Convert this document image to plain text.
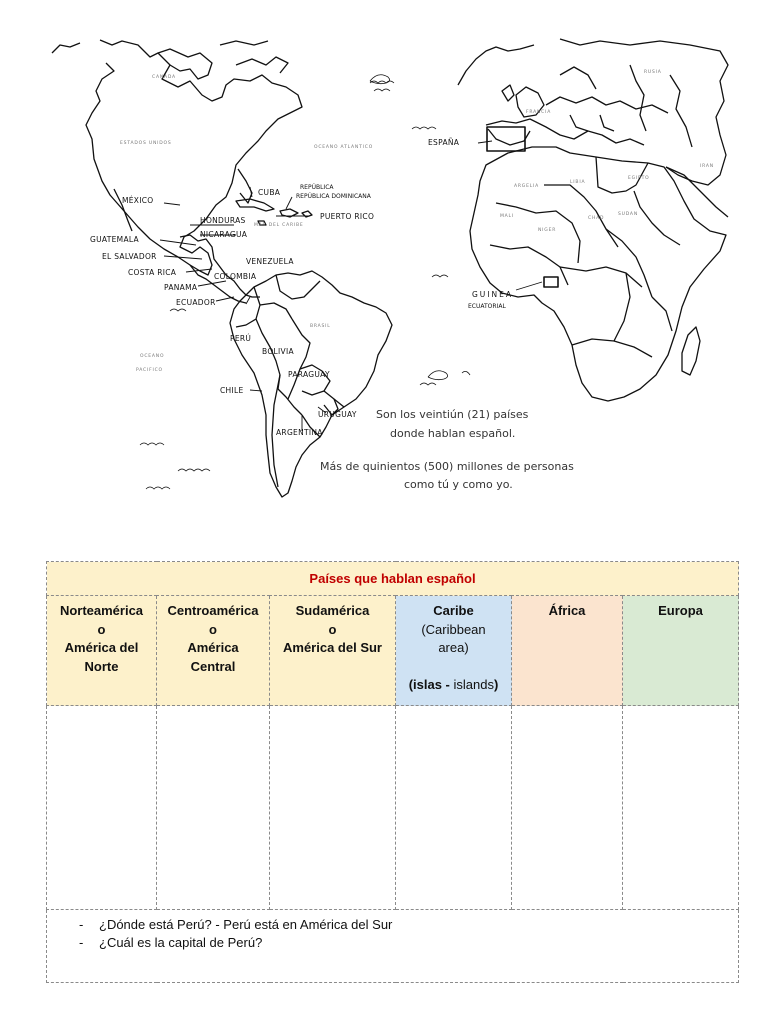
CANADA
ESTADOS UNIDOS
OCEANO ATLANTICO
OCEANO
PACIFICO
MAR DEL CARIBE
BRASIL
MÉXICO
CUBA
REPÚBLICA
REPÚBLICA DOMINICANA
PUERTO RICO
HONDURAS
NICARAGUA
GUATEMALA
EL SALVADOR
COSTA RICA
PANAMA
ECUADOR
VENEZUELA
COLOMBIA
PERÚ
BOLIVIA
PARAGUAY
CHILE
URUGUAY
ARGENTINA
ESPAÑA
RUSIA
FRANCIA
ARGELIA
LIBIA
EGIPTO
MALI
NIGER
CHAD
SUDAN
IRAN
GUINEA
ECUATORIAL
Son los veintiún (21) países
donde hablan español.
Más de quinientos (500) millones de personas
como tú y como yo.
Países que hablan español					

Norteamérica
o
América del
Norte	Centroamérica
o
América
Central	Sudamérica
o
América del Sur	Caribe
(Caribbean
area)
(islas - islands)	África	Europa

- ¿Dónde está Perú? - Perú está en América del Sur
- ¿Cuál es la capital de Perú?
